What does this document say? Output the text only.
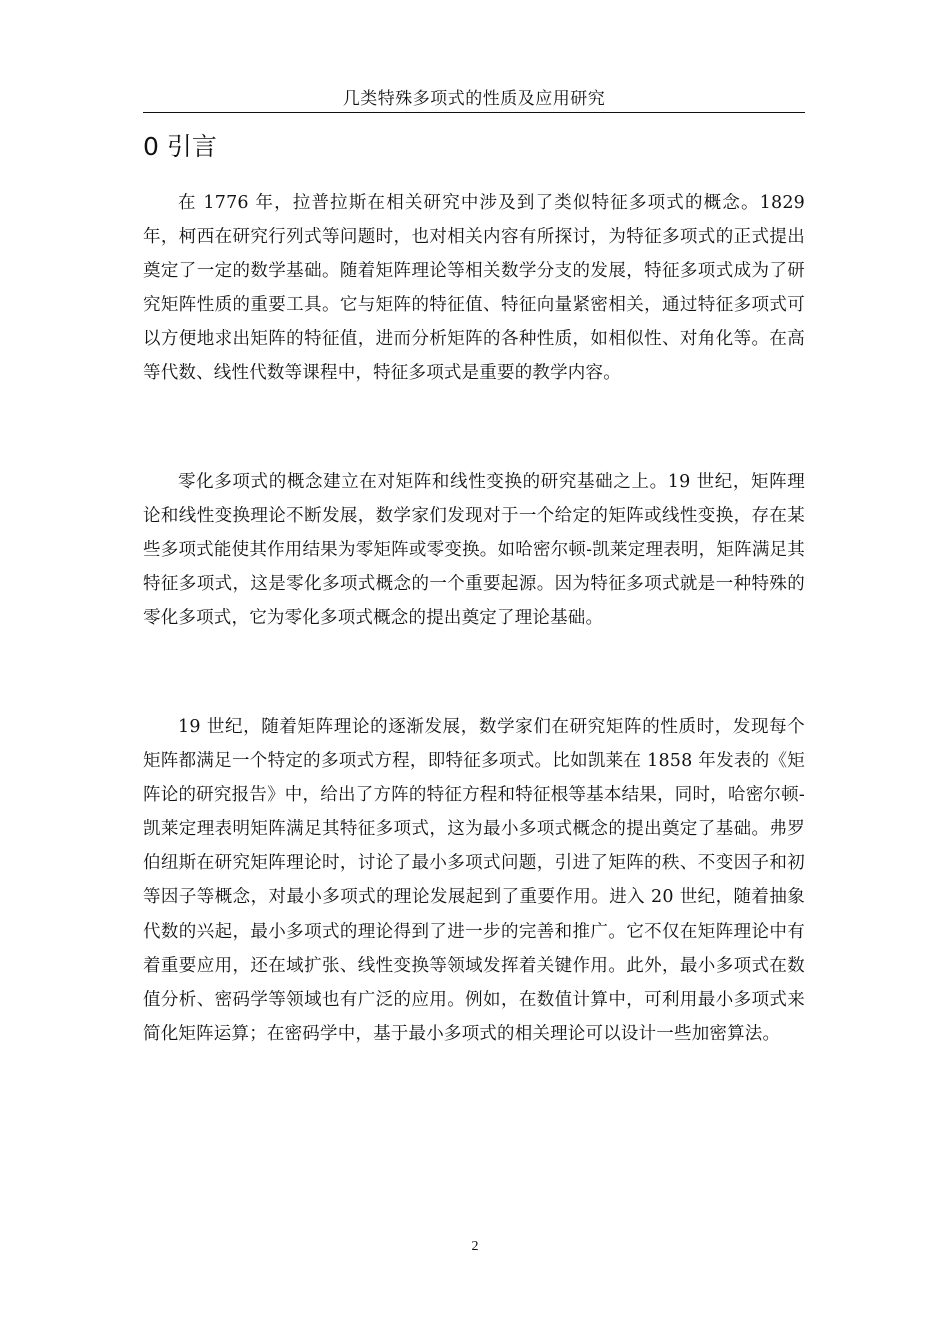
几类特殊多项式的性质及应用研究
0 引言

在 1776 年，拉普拉斯在相关研究中涉及到了类似特征多项式的概念。1829 年，柯西在研究行列式等问题时，也对相关内容有所探讨，为特征多项式的正式提出奠定了一定的数学基础。随着矩阵理论等相关数学分支的发展，特征多项式成为了研究矩阵性质的重要工具。它与矩阵的特征值、特征向量紧密相关，通过特征多项式可以方便地求出矩阵的特征值，进而分析矩阵的各种性质，如相似性、对角化等。在高等代数、线性代数等课程中，特征多项式是重要的教学内容。

零化多项式的概念建立在对矩阵和线性变换的研究基础之上。19 世纪，矩阵理论和线性变换理论不断发展，数学家们发现对于一个给定的矩阵或线性变换，存在某些多项式能使其作用结果为零矩阵或零变换。如哈密尔顿-凯莱定理表明，矩阵满足其特征多项式，这是零化多项式概念的一个重要起源。因为特征多项式就是一种特殊的零化多项式，它为零化多项式概念的提出奠定了理论基础。

19 世纪，随着矩阵理论的逐渐发展，数学家们在研究矩阵的性质时，发现每个矩阵都满足一个特定的多项式方程，即特征多项式。比如凯莱在 1858 年发表的《矩阵论的研究报告》中，给出了方阵的特征方程和特征根等基本结果，同时，哈密尔顿-凯莱定理表明矩阵满足其特征多项式，这为最小多项式概念的提出奠定了基础。弗罗伯纽斯在研究矩阵理论时，讨论了最小多项式问题，引进了矩阵的秩、不变因子和初等因子等概念，对最小多项式的理论发展起到了重要作用。进入 20 世纪，随着抽象代数的兴起，最小多项式的理论得到了进一步的完善和推广。它不仅在矩阵理论中有着重要应用，还在域扩张、线性变换等领域发挥着关键作用。此外，最小多项式在数值分析、密码学等领域也有广泛的应用。例如，在数值计算中，可利用最小多项式来简化矩阵运算；在密码学中，基于最小多项式的相关理论可以设计一些加密算法。

2
